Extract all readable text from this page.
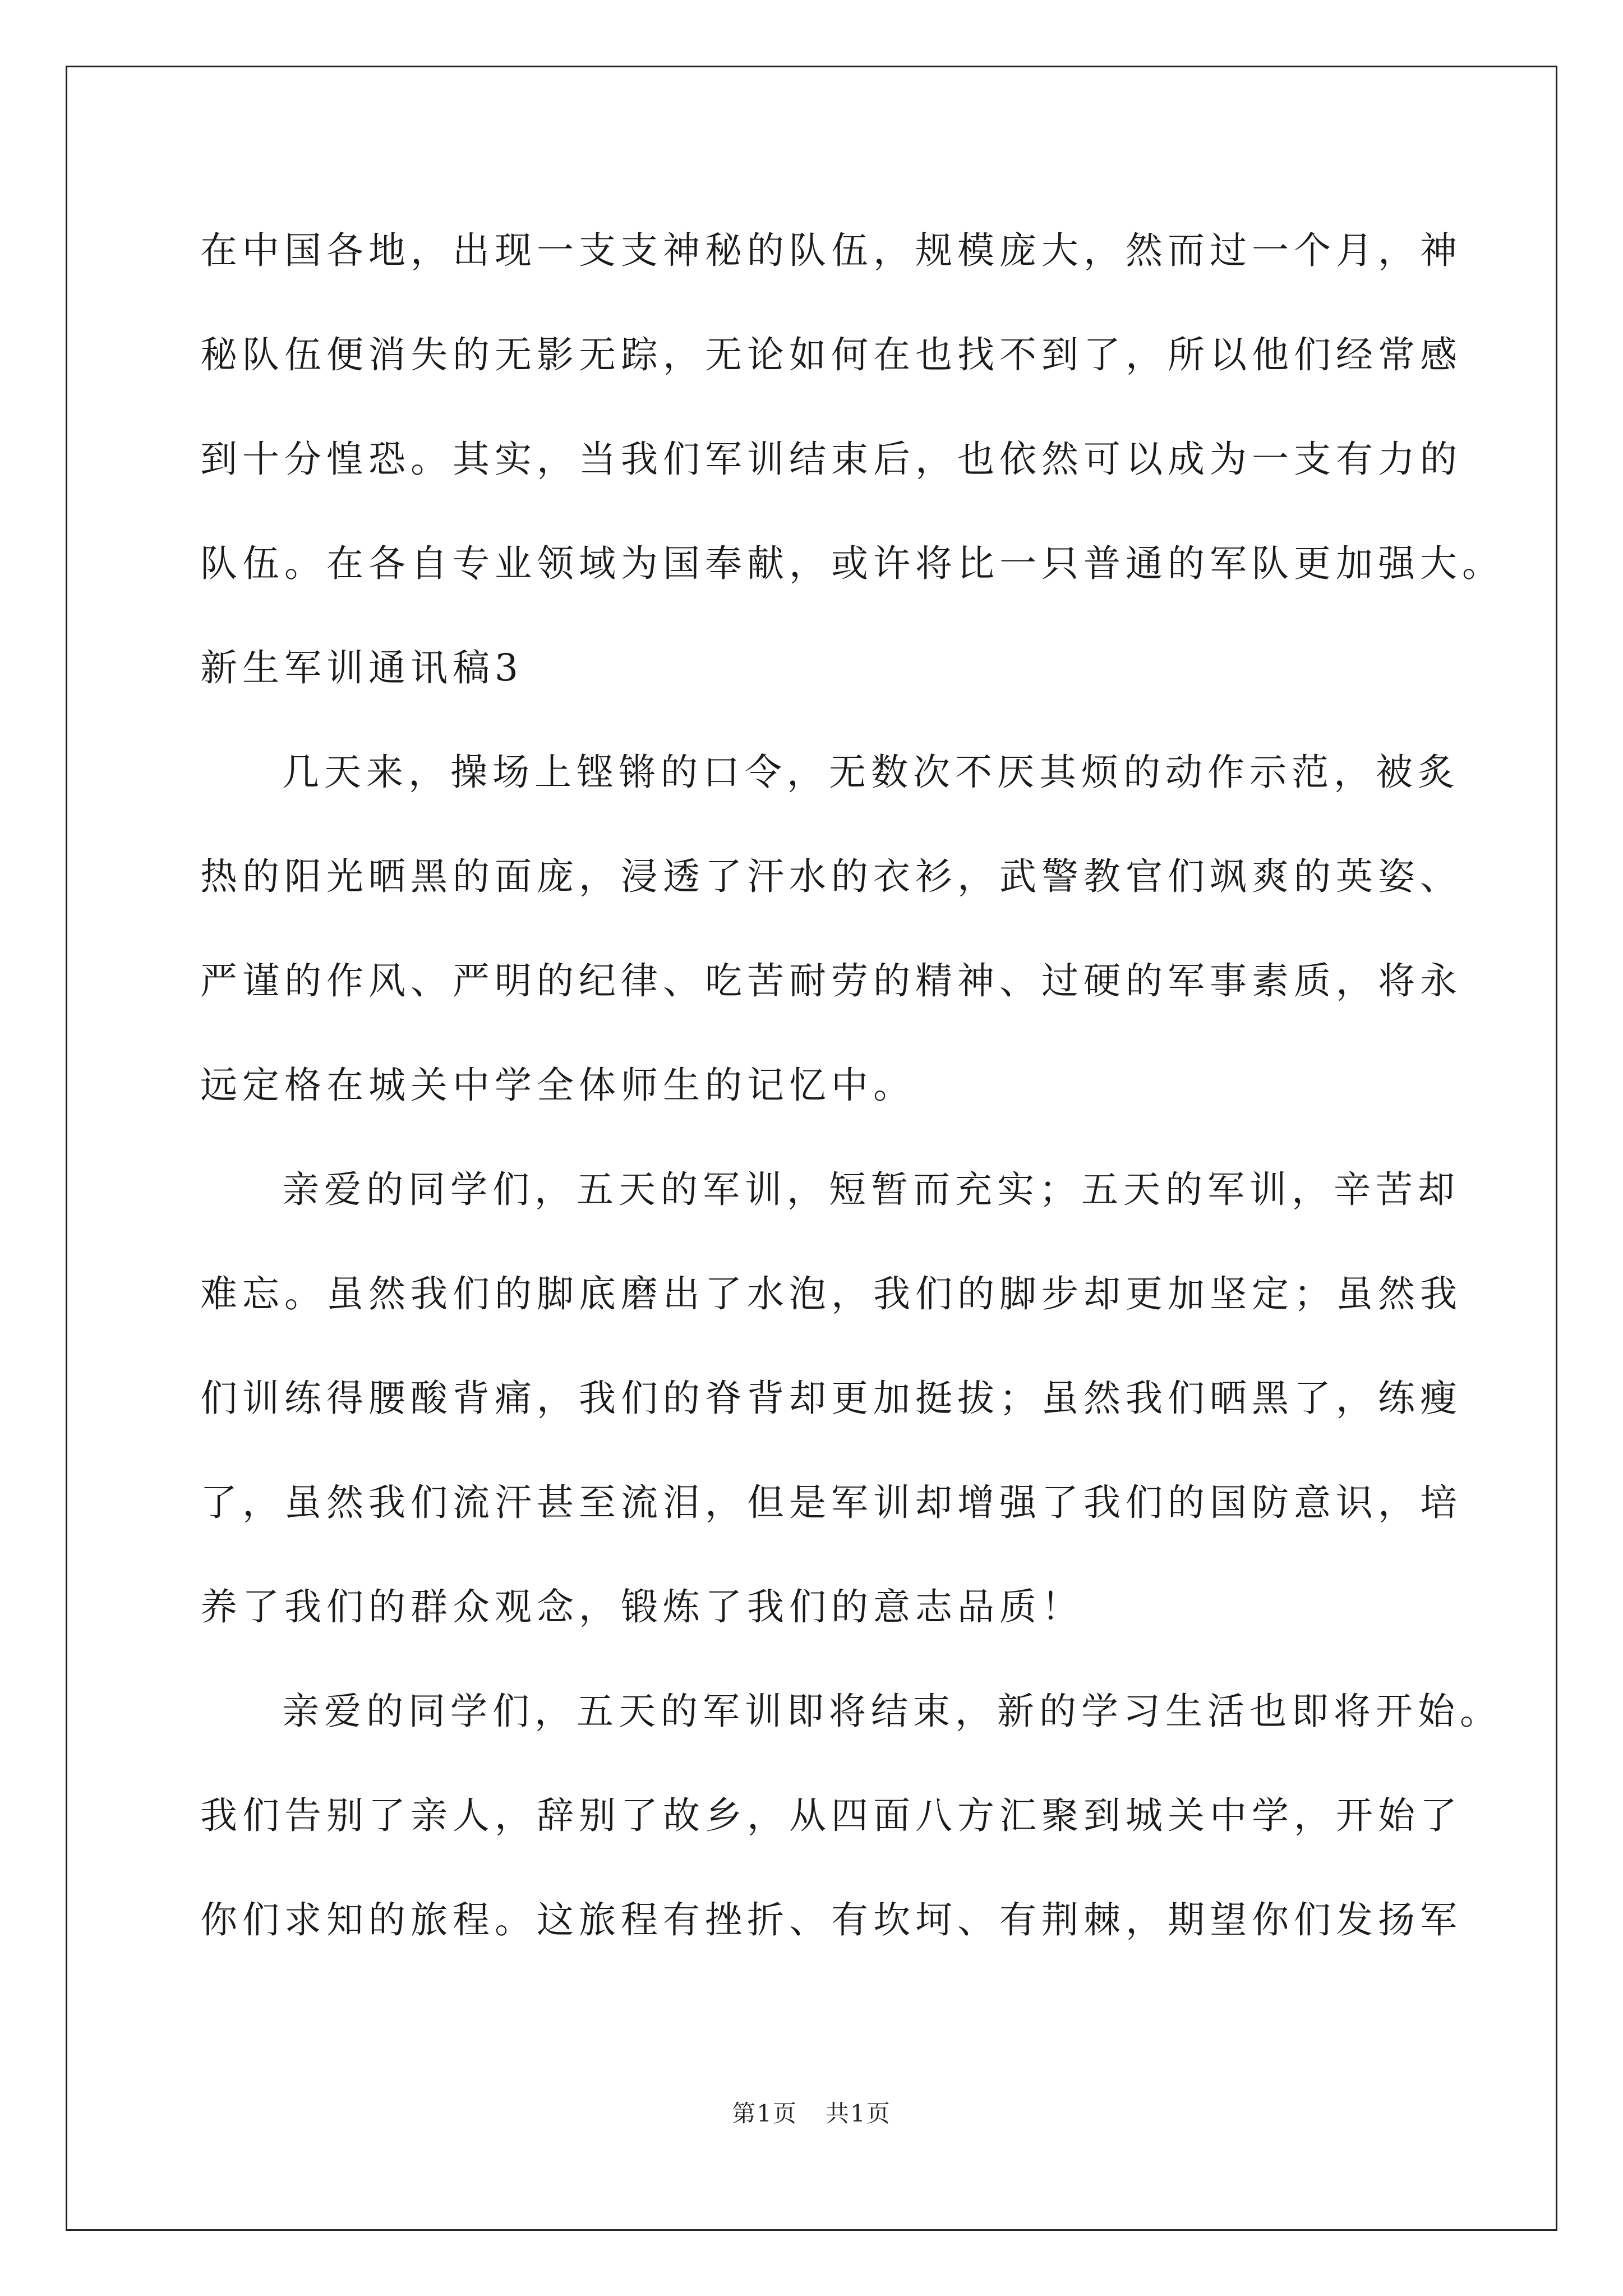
在中国各地，出现一支支神秘的队伍，规模庞大，然而过一个月，神
秘队伍便消失的无影无踪，无论如何在也找不到了，所以他们经常感
到十分惶恐。其实，当我们军训结束后，也依然可以成为一支有力的
队伍。在各自专业领域为国奉献，或许将比一只普通的军队更加强大。
新生军训通讯稿3
几天来，操场上铿锵的口令，无数次不厌其烦的动作示范，被炙
热的阳光晒黑的面庞，浸透了汗水的衣衫，武警教官们飒爽的英姿、
严谨的作风、严明的纪律、吃苦耐劳的精神、过硬的军事素质，将永
远定格在城关中学全体师生的记忆中。
亲爱的同学们，五天的军训，短暂而充实；五天的军训，辛苦却
难忘。虽然我们的脚底磨出了水泡，我们的脚步却更加坚定；虽然我
们训练得腰酸背痛，我们的脊背却更加挺拔；虽然我们晒黑了，练瘦
了，虽然我们流汗甚至流泪，但是军训却增强了我们的国防意识，培
养了我们的群众观念，锻炼了我们的意志品质！
亲爱的同学们，五天的军训即将结束，新的学习生活也即将开始。
我们告别了亲人，辞别了故乡，从四面八方汇聚到城关中学，开始了
你们求知的旅程。这旅程有挫折、有坎坷、有荆棘，期望你们发扬军
第1页 共1页
